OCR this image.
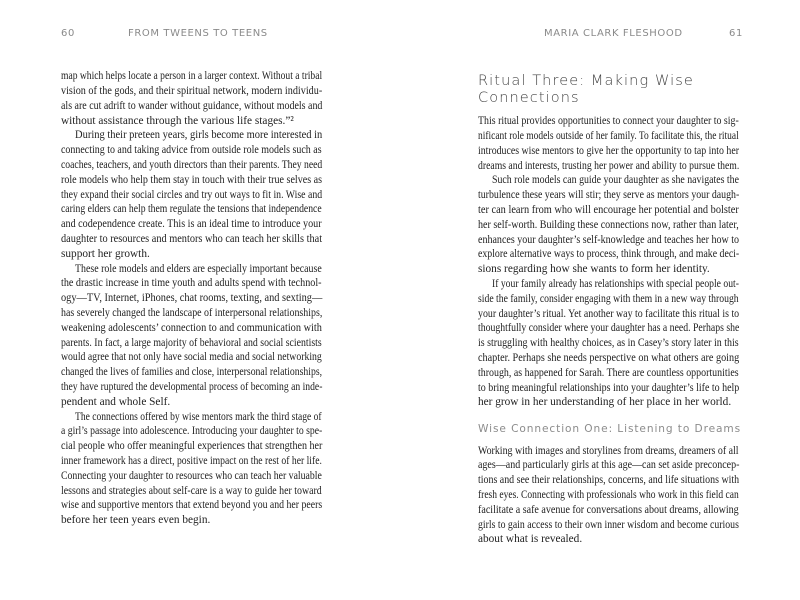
60	FROM TWEENS TO TEENS
map which helps locate a person in a larger context. Without a tribal
vision of the gods, and their spiritual network, modern individu-
als are cut adrift to wander without guidance, without models and
without assistance through the various life stages.”²
During their preteen years, girls become more interested in
connecting to and taking advice from outside role models such as
coaches, teachers, and youth directors than their parents. They need
role models who help them stay in touch with their true selves as
they expand their social circles and try out ways to fit in. Wise and
caring elders can help them regulate the tensions that independence
and codependence create. This is an ideal time to introduce your
daughter to resources and mentors who can teach her skills that
support her growth.
These role models and elders are especially important because
the drastic increase in time youth and adults spend with technol-
ogy—TV, Internet, iPhones, chat rooms, texting, and sexting—
has severely changed the landscape of interpersonal relationships,
weakening adolescents’ connection to and communication with
parents. In fact, a large majority of behavioral and social scientists
would agree that not only have social media and social networking
changed the lives of families and close, interpersonal relationships,
they have ruptured the developmental process of becoming an inde-
pendent and whole Self.
The connections offered by wise mentors mark the third stage of
a girl’s passage into adolescence. Introducing your daughter to spe-
cial people who offer meaningful experiences that strengthen her
inner framework has a direct, positive impact on the rest of her life.
Connecting your daughter to resources who can teach her valuable
lessons and strategies about self-care is a way to guide her toward
wise and supportive mentors that extend beyond you and her peers
before her teen years even begin.
MARIA CLARK FLESHOOD	61
Ritual Three: Making Wise
Connections
This ritual provides opportunities to connect your daughter to sig-
nificant role models outside of her family. To facilitate this, the ritual
introduces wise mentors to give her the opportunity to tap into her
dreams and interests, trusting her power and ability to pursue them.
Such role models can guide your daughter as she navigates the
turbulence these years will stir; they serve as mentors your daugh-
ter can learn from who will encourage her potential and bolster
her self-worth. Building these connections now, rather than later,
enhances your daughter’s self-knowledge and teaches her how to
explore alternative ways to process, think through, and make deci-
sions regarding how she wants to form her identity.
If your family already has relationships with special people out-
side the family, consider engaging with them in a new way through
your daughter’s ritual. Yet another way to facilitate this ritual is to
thoughtfully consider where your daughter has a need. Perhaps she
is struggling with healthy choices, as in Casey’s story later in this
chapter. Perhaps she needs perspective on what others are going
through, as happened for Sarah. There are countless opportunities
to bring meaningful relationships into your daughter’s life to help
her grow in her understanding of her place in her world.
Wise Connection One: Listening to Dreams
Working with images and storylines from dreams, dreamers of all
ages—and particularly girls at this age—can set aside preconcep-
tions and see their relationships, concerns, and life situations with
fresh eyes. Connecting with professionals who work in this field can
facilitate a safe avenue for conversations about dreams, allowing
girls to gain access to their own inner wisdom and become curious
about what is revealed.
